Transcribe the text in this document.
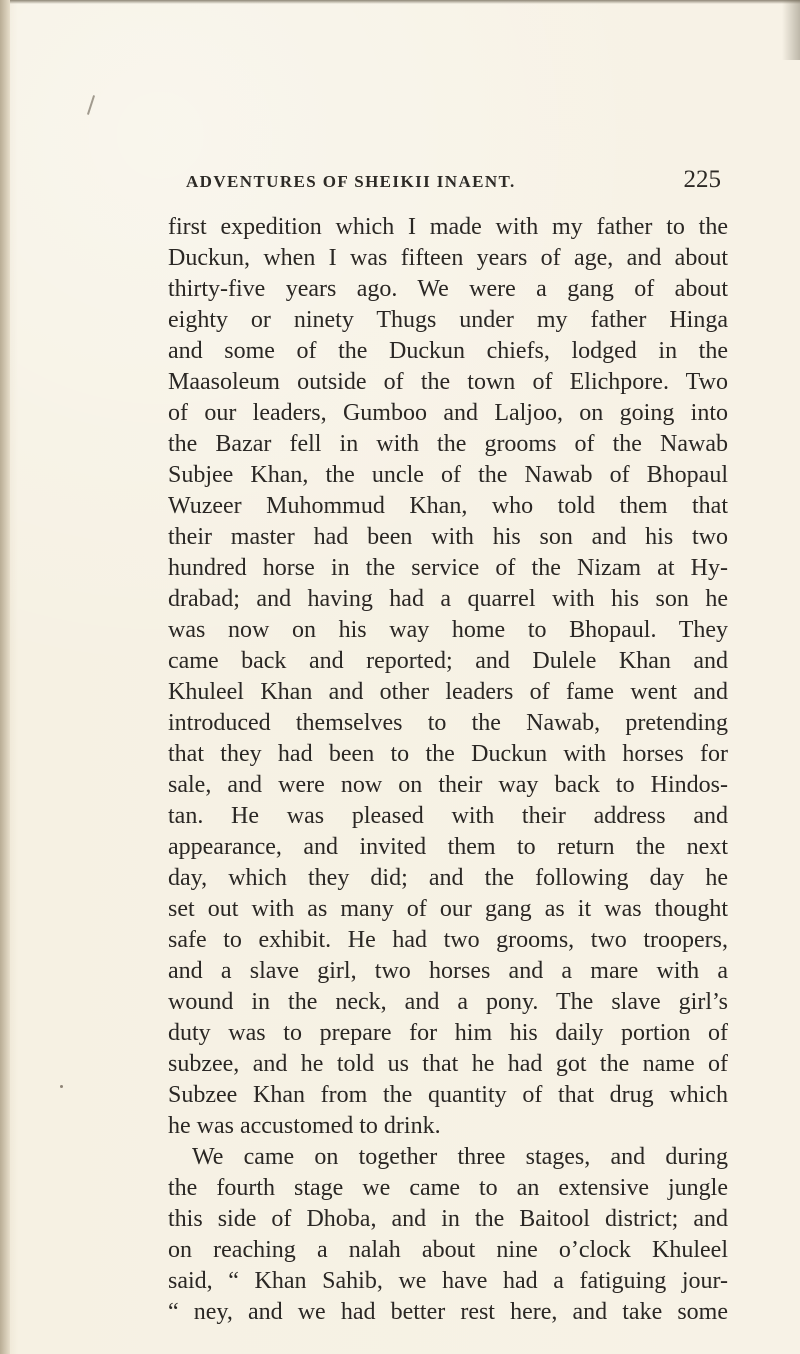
ADVENTURES OF SHEIKII INAENT.	225
first expedition which I made with my father to the
Duckun, when I was fifteen years of age, and about
thirty-five years ago. We were a gang of about
eighty or ninety Thugs under my father Hinga
and some of the Duckun chiefs, lodged in the
Maasoleum outside of the town of Elichpore. Two
of our leaders, Gumboo and Laljoo, on going into
the Bazar fell in with the grooms of the Nawab
Subjee Khan, the uncle of the Nawab of Bhopaul
Wuzeer Muhommud Khan, who told them that
their master had been with his son and his two
hundred horse in the service of the Nizam at Hy-
drabad; and having had a quarrel with his son he
was now on his way home to Bhopaul. They
came back and reported; and Dulele Khan and
Khuleel Khan and other leaders of fame went and
introduced themselves to the Nawab, pretending
that they had been to the Duckun with horses for
sale, and were now on their way back to Hindos-
tan. He was pleased with their address and
appearance, and invited them to return the next
day, which they did; and the following day he
set out with as many of our gang as it was thought
safe to exhibit. He had two grooms, two troopers,
and a slave girl, two horses and a mare with a
wound in the neck, and a pony. The slave girl’s
duty was to prepare for him his daily portion of
subzee, and he told us that he had got the name of
Subzee Khan from the quantity of that drug which
he was accustomed to drink.
We came on together three stages, and during
the fourth stage we came to an extensive jungle
this side of Dhoba, and in the Baitool district; and
on reaching a nalah about nine o’clock Khuleel
said, “ Khan Sahib, we have had a fatiguing jour-
“ ney, and we had better rest here, and take some
